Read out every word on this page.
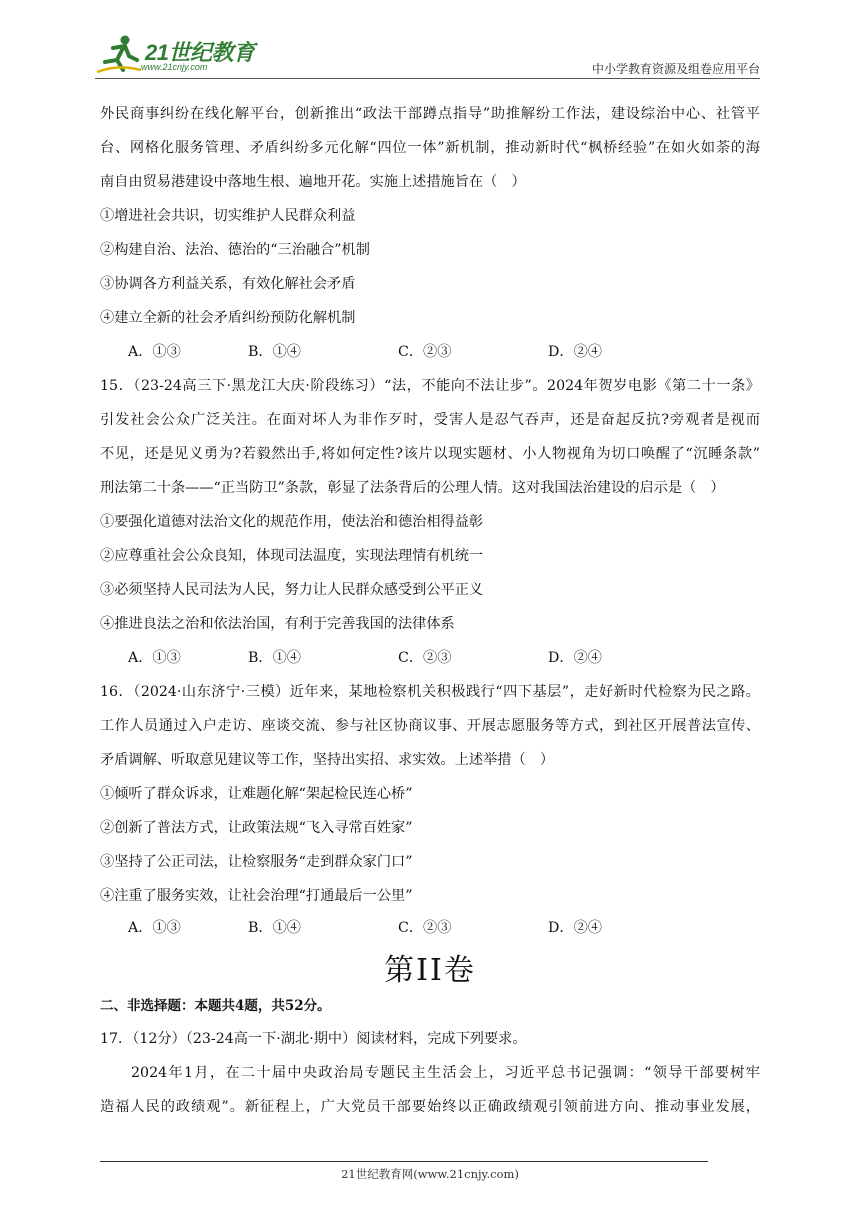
21世纪教育
www.21cnjy.com	中小学教育资源及组卷应用平台
外民商事纠纷在线化解平台，创新推出“政法干部蹲点指导”助推解纷工作法，建设综治中心、社管平
台、网格化服务管理、矛盾纠纷多元化解“四位一体”新机制，推动新时代“枫桥经验”在如火如荼的海
南自由贸易港建设中落地生根、遍地开花。实施上述措施旨在（　）
①增进社会共识，切实维护人民群众利益
②构建自治、法治、德治的“三治融合”机制
③协调各方利益关系，有效化解社会矛盾
④建立全新的社会矛盾纠纷预防化解机制
A．①③	B．①④	C．②③	D．②④
15．（23-24高三下·黑龙江大庆·阶段练习）“法，不能向不法让步”。2024年贺岁电影《第二十一条》
引发社会公众广泛关注。在面对坏人为非作歹时，受害人是忍气吞声，还是奋起反抗?旁观者是视而
不见，还是见义勇为?若毅然出手,将如何定性?该片以现实题材、小人物视角为切口唤醒了“沉睡条款”
刑法第二十条——“正当防卫”条款，彰显了法条背后的公理人情。这对我国法治建设的启示是（　）
①要强化道德对法治文化的规范作用，使法治和德治相得益彰
②应尊重社会公众良知，体现司法温度，实现法理情有机统一
③必须坚持人民司法为人民，努力让人民群众感受到公平正义
④推进良法之治和依法治国，有利于完善我国的法律体系
A．①③	B．①④	C．②③	D．②④
16．（2024·山东济宁·三模）近年来，某地检察机关积极践行“四下基层”，走好新时代检察为民之路。
工作人员通过入户走访、座谈交流、参与社区协商议事、开展志愿服务等方式，到社区开展普法宣传、
矛盾调解、听取意见建议等工作，坚持出实招、求实效。上述举措（　）
①倾听了群众诉求，让难题化解“架起检民连心桥”
②创新了普法方式，让政策法规“飞入寻常百姓家”
③坚持了公正司法，让检察服务“走到群众家门口”
④注重了服务实效，让社会治理“打通最后一公里”
A．①③	B．①④	C．②③	D．②④
第II卷
二、非选择题：本题共4题，共52分。
17．（12分）（23-24高一下·湖北·期中）阅读材料，完成下列要求。
　　2024年1月，在二十届中央政治局专题民主生活会上，习近平总书记强调：“领导干部要树牢
造福人民的政绩观”。新征程上，广大党员干部要始终以正确政绩观引领前进方向、推动事业发展，
21世纪教育网(www.21cnjy.com)
